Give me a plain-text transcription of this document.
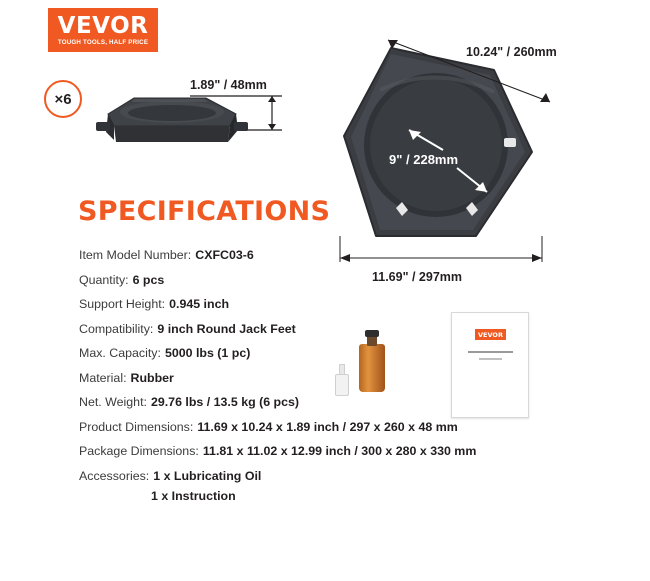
VEVOR
TOUGH TOOLS, HALF PRICE
×6
1.89" / 48mm
10.24" / 260mm
9" / 228mm
11.69" / 297mm
SPECIFICATIONS
Item Model Number: CXFC03-6
Quantity: 6 pcs
Support Height: 0.945 inch
Compatibility: 9 inch Round Jack Feet
Max. Capacity: 5000 lbs (1 pc)
Material: Rubber
Net. Weight: 29.76 lbs / 13.5 kg (6 pcs)
Product Dimensions: 11.69 x 10.24 x 1.89 inch / 297 x 260 x 48 mm
Package Dimensions: 11.81 x 11.02 x 12.99 inch / 300 x 280 x 330 mm
Accessories: 1 x Lubricating Oil
1 x Instruction
VEVOR
